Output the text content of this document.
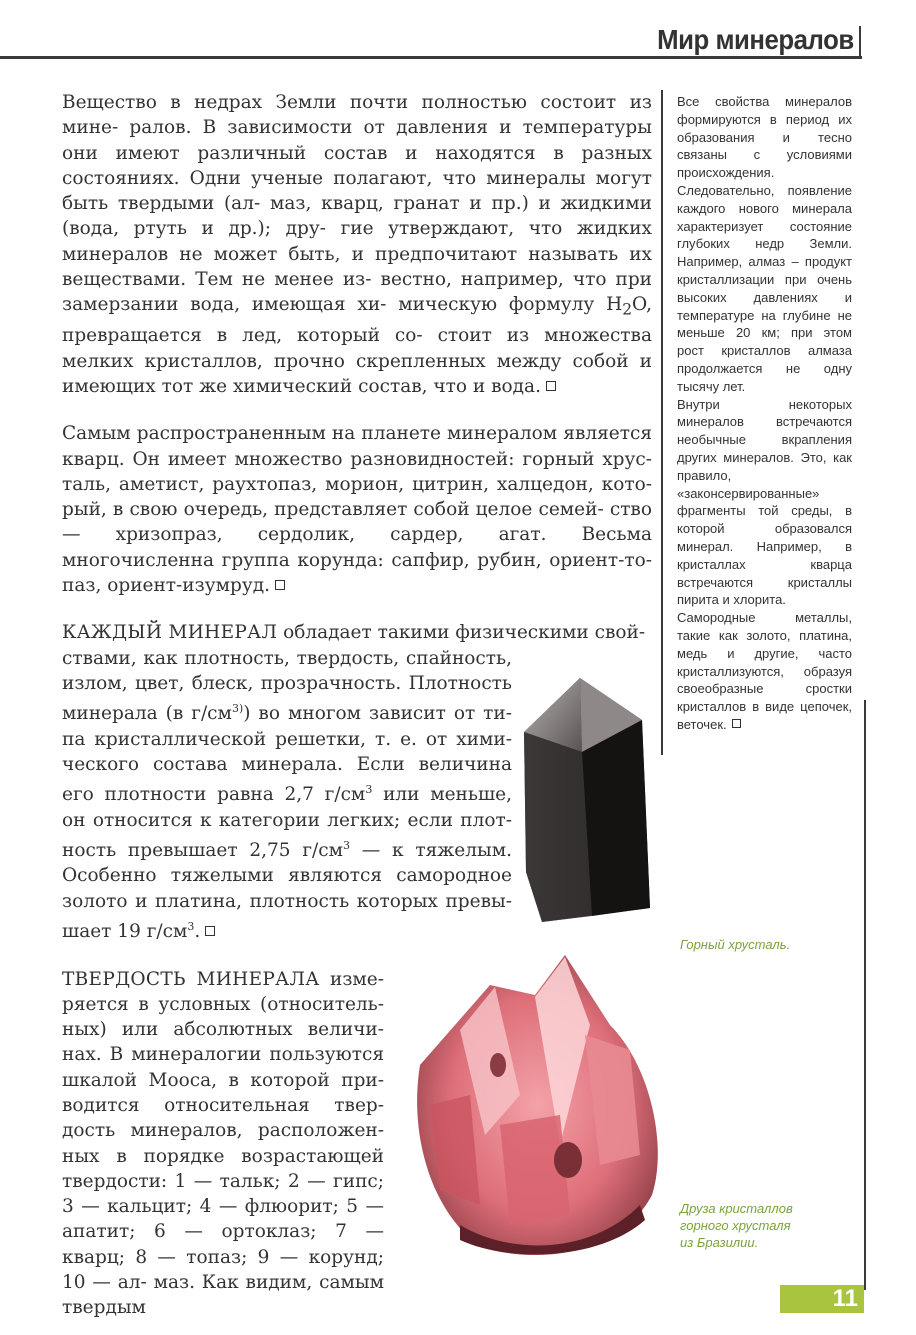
Мир минералов

Вещество в недрах Земли почти полностью состоит из мине- ралов. В зависимости от давления и температуры они имеют различный состав и находятся в разных состояниях. Одни ученые полагают, что минералы могут быть твердыми (ал- маз, кварц, гранат и пр.) и жидкими (вода, ртуть и др.); дру- гие утверждают, что жидких минералов не может быть, и предпочитают называть их веществами. Тем не менее из- вестно, например, что при замерзании вода, имеющая хи- мическую формулу $H_2O$, превращается в лед, который со- стоит из множества мелких кристаллов, прочно скрепленных между собой и имеющих тот же химический состав, что и вода.

Самым распространенным на планете минералом является кварц. Он имеет множество разновидностей: горный хрус- таль, аметист, раухтопаз, морион, цитрин, халцедон, кото- рый, в свою очередь, представляет собой целое семей- ство — хризопраз, сердолик, сардер, агат. Весьма многочисленна группа корунда: сапфир, рубин, ориент-то- паз, ориент-изумруд.

КАЖДЫЙ МИНЕРАЛ обладает такими физическими свой-

ствами, как плотность, твердость, спайность, излом, цвет, блеск, прозрачность. Плотность минерала (в $г/см^{3)}$) во многом зависит от ти- па кристаллической решетки, т. е. от хими- ческого состава минерала. Если величина его плотности равна 2,7 $г/см^3$ или меньше, он относится к категории легких; если плот- ность превышает 2,75 $г/см^3$ — к тяжелым. Особенно тяжелыми являются самородное золото и платина, плотность которых превы- шает 19 $г/см^3$.

ТВЕРДОСТЬ МИНЕРАЛА изме- ряется в условных (относитель- ных) или абсолютных величи- нах. В минералогии пользуются шкалой Мооса, в которой при- водится относительная твер- дость минералов, расположен- ных в порядке возрастающей твердости: 1 — тальк; 2 — гипс; 3 — кальцит; 4 — флюорит; 5 — апатит; 6 — ортоклаз; 7 — кварц; 8 — топаз; 9 — корунд; 10 — ал- маз. Как видим, самым твердым

Все свойства минералов формируются в период их образования и тесно связаны с условиями происхождения. Следовательно, появление каждого нового минерала характеризует состояние глубоких недр Земли. Например, алмаз – продукт кристаллизации при очень высоких давлениях и температуре на глубине не меньше 20 км; при этом рост кристаллов алмаза продолжается не одну тысячу лет.

Внутри некоторых минералов встречаются необычные вкрапления других минералов. Это, как правило, «законсервированные» фрагменты той среды, в которой образовался минерал. Например, в кристаллах кварца встречаются кристаллы пирита и хлорита.

Самородные металлы, такие как золото, платина, медь и другие, часто кристаллизуются, образуя своеобразные сростки кристаллов в виде цепочек, веточек.

Горный хрусталь.
Друза кристаллов
горного хрусталя
из Бразилии.
11
